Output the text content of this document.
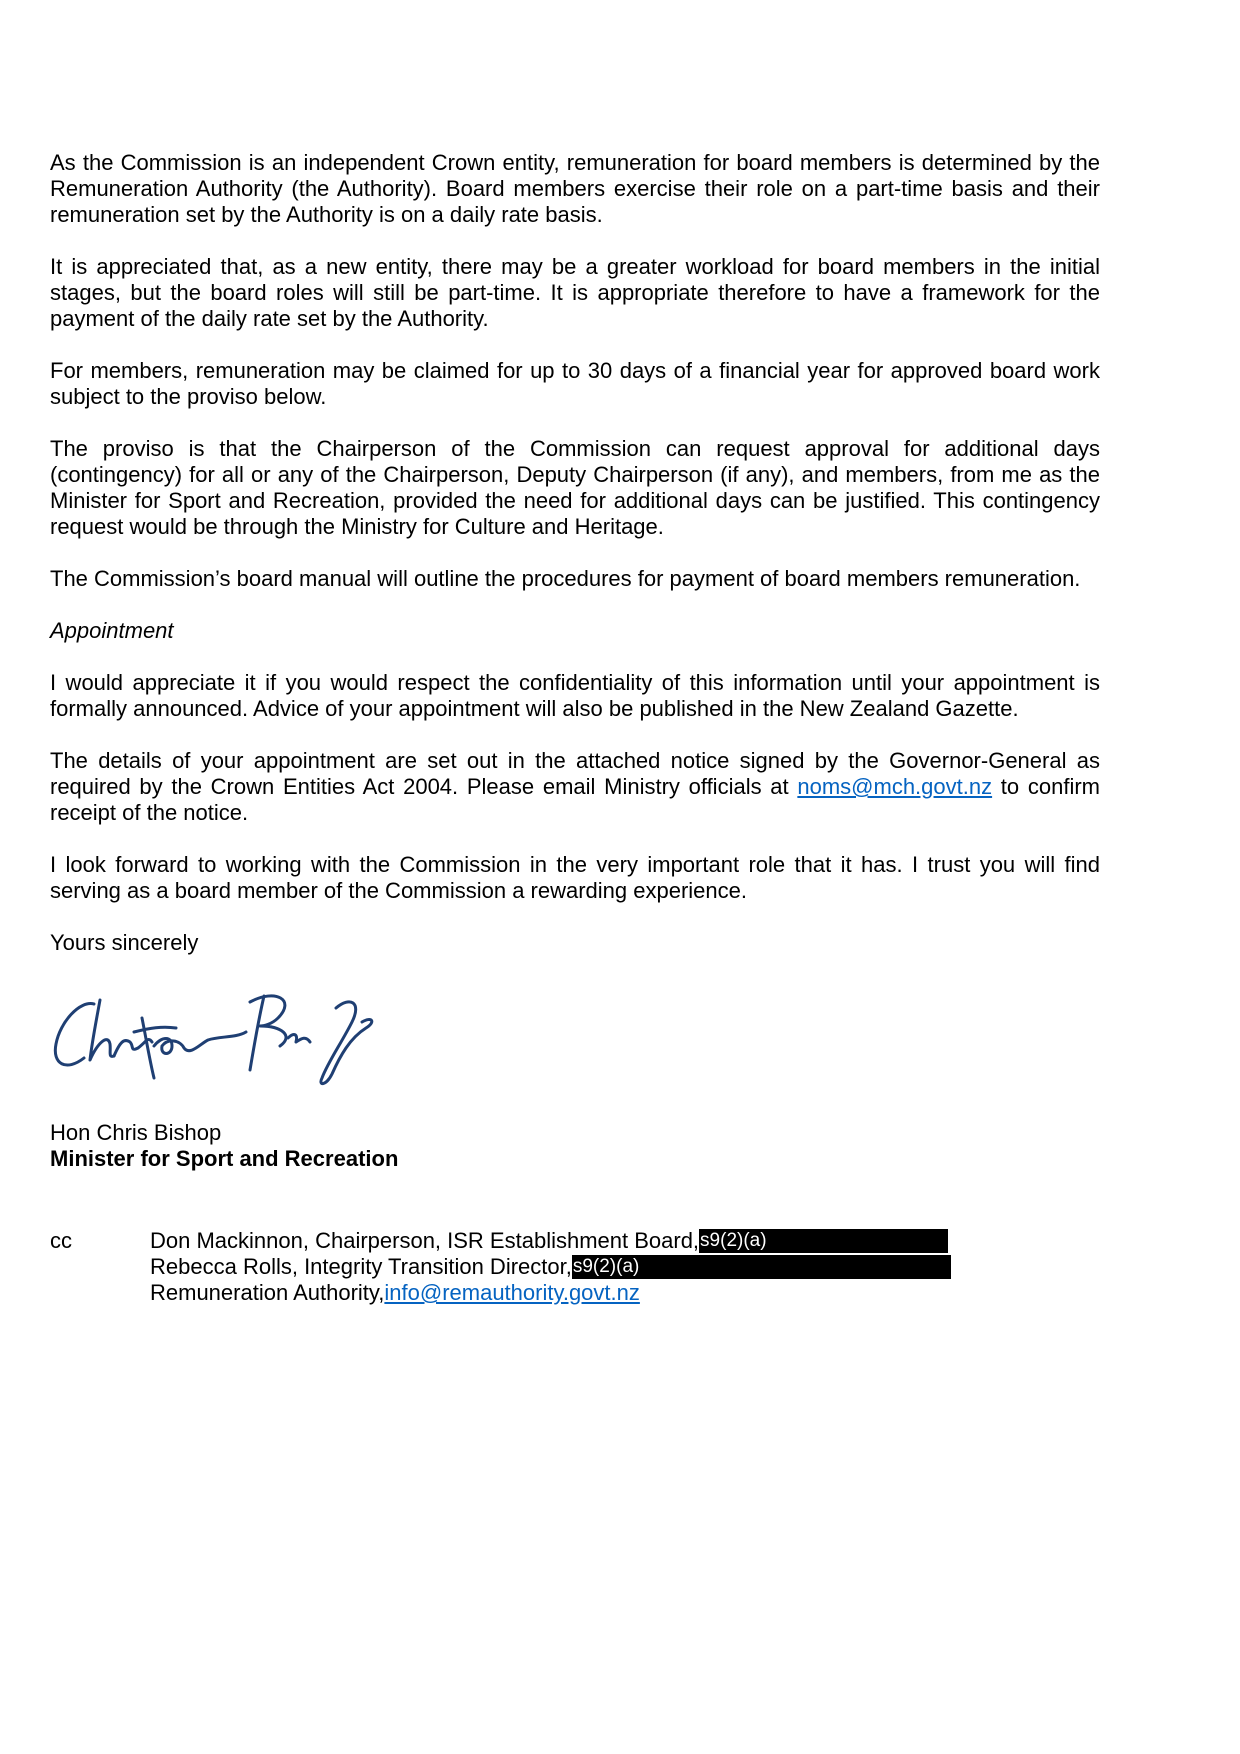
As the Commission is an independent Crown entity, remuneration for board members is determined by the Remuneration Authority (the Authority). Board members exercise their role on a part-time basis and their remuneration set by the Authority is on a daily rate basis.

It is appreciated that, as a new entity, there may be a greater workload for board members in the initial stages, but the board roles will still be part-time. It is appropriate therefore to have a framework for the payment of the daily rate set by the Authority.

For members, remuneration may be claimed for up to 30 days of a financial year for approved board work subject to the proviso below.

The proviso is that the Chairperson of the Commission can request approval for additional days (contingency) for all or any of the Chairperson, Deputy Chairperson (if any), and members, from me as the Minister for Sport and Recreation, provided the need for additional days can be justified. This contingency request would be through the Ministry for Culture and Heritage.

The Commission’s board manual will outline the procedures for payment of board members remuneration.

Appointment

I would appreciate it if you would respect the confidentiality of this information until your appointment is formally announced. Advice of your appointment will also be published in the New Zealand Gazette.

The details of your appointment are set out in the attached notice signed by the Governor-General as required by the Crown Entities Act 2004. Please email Ministry officials at noms@mch.govt.nz to confirm receipt of the notice.

I look forward to working with the Commission in the very important role that it has. I trust you will find serving as a board member of the Commission a rewarding experience.

Yours sincerely

Hon Chris Bishop
Minister for Sport and Recreation
cc	Don Mackinnon, Chairperson, ISR Establishment Board, s9(2)(a)
Rebecca Rolls, Integrity Transition Director, s9(2)(a)
Remuneration Authority, info@remauthority.govt.nz
